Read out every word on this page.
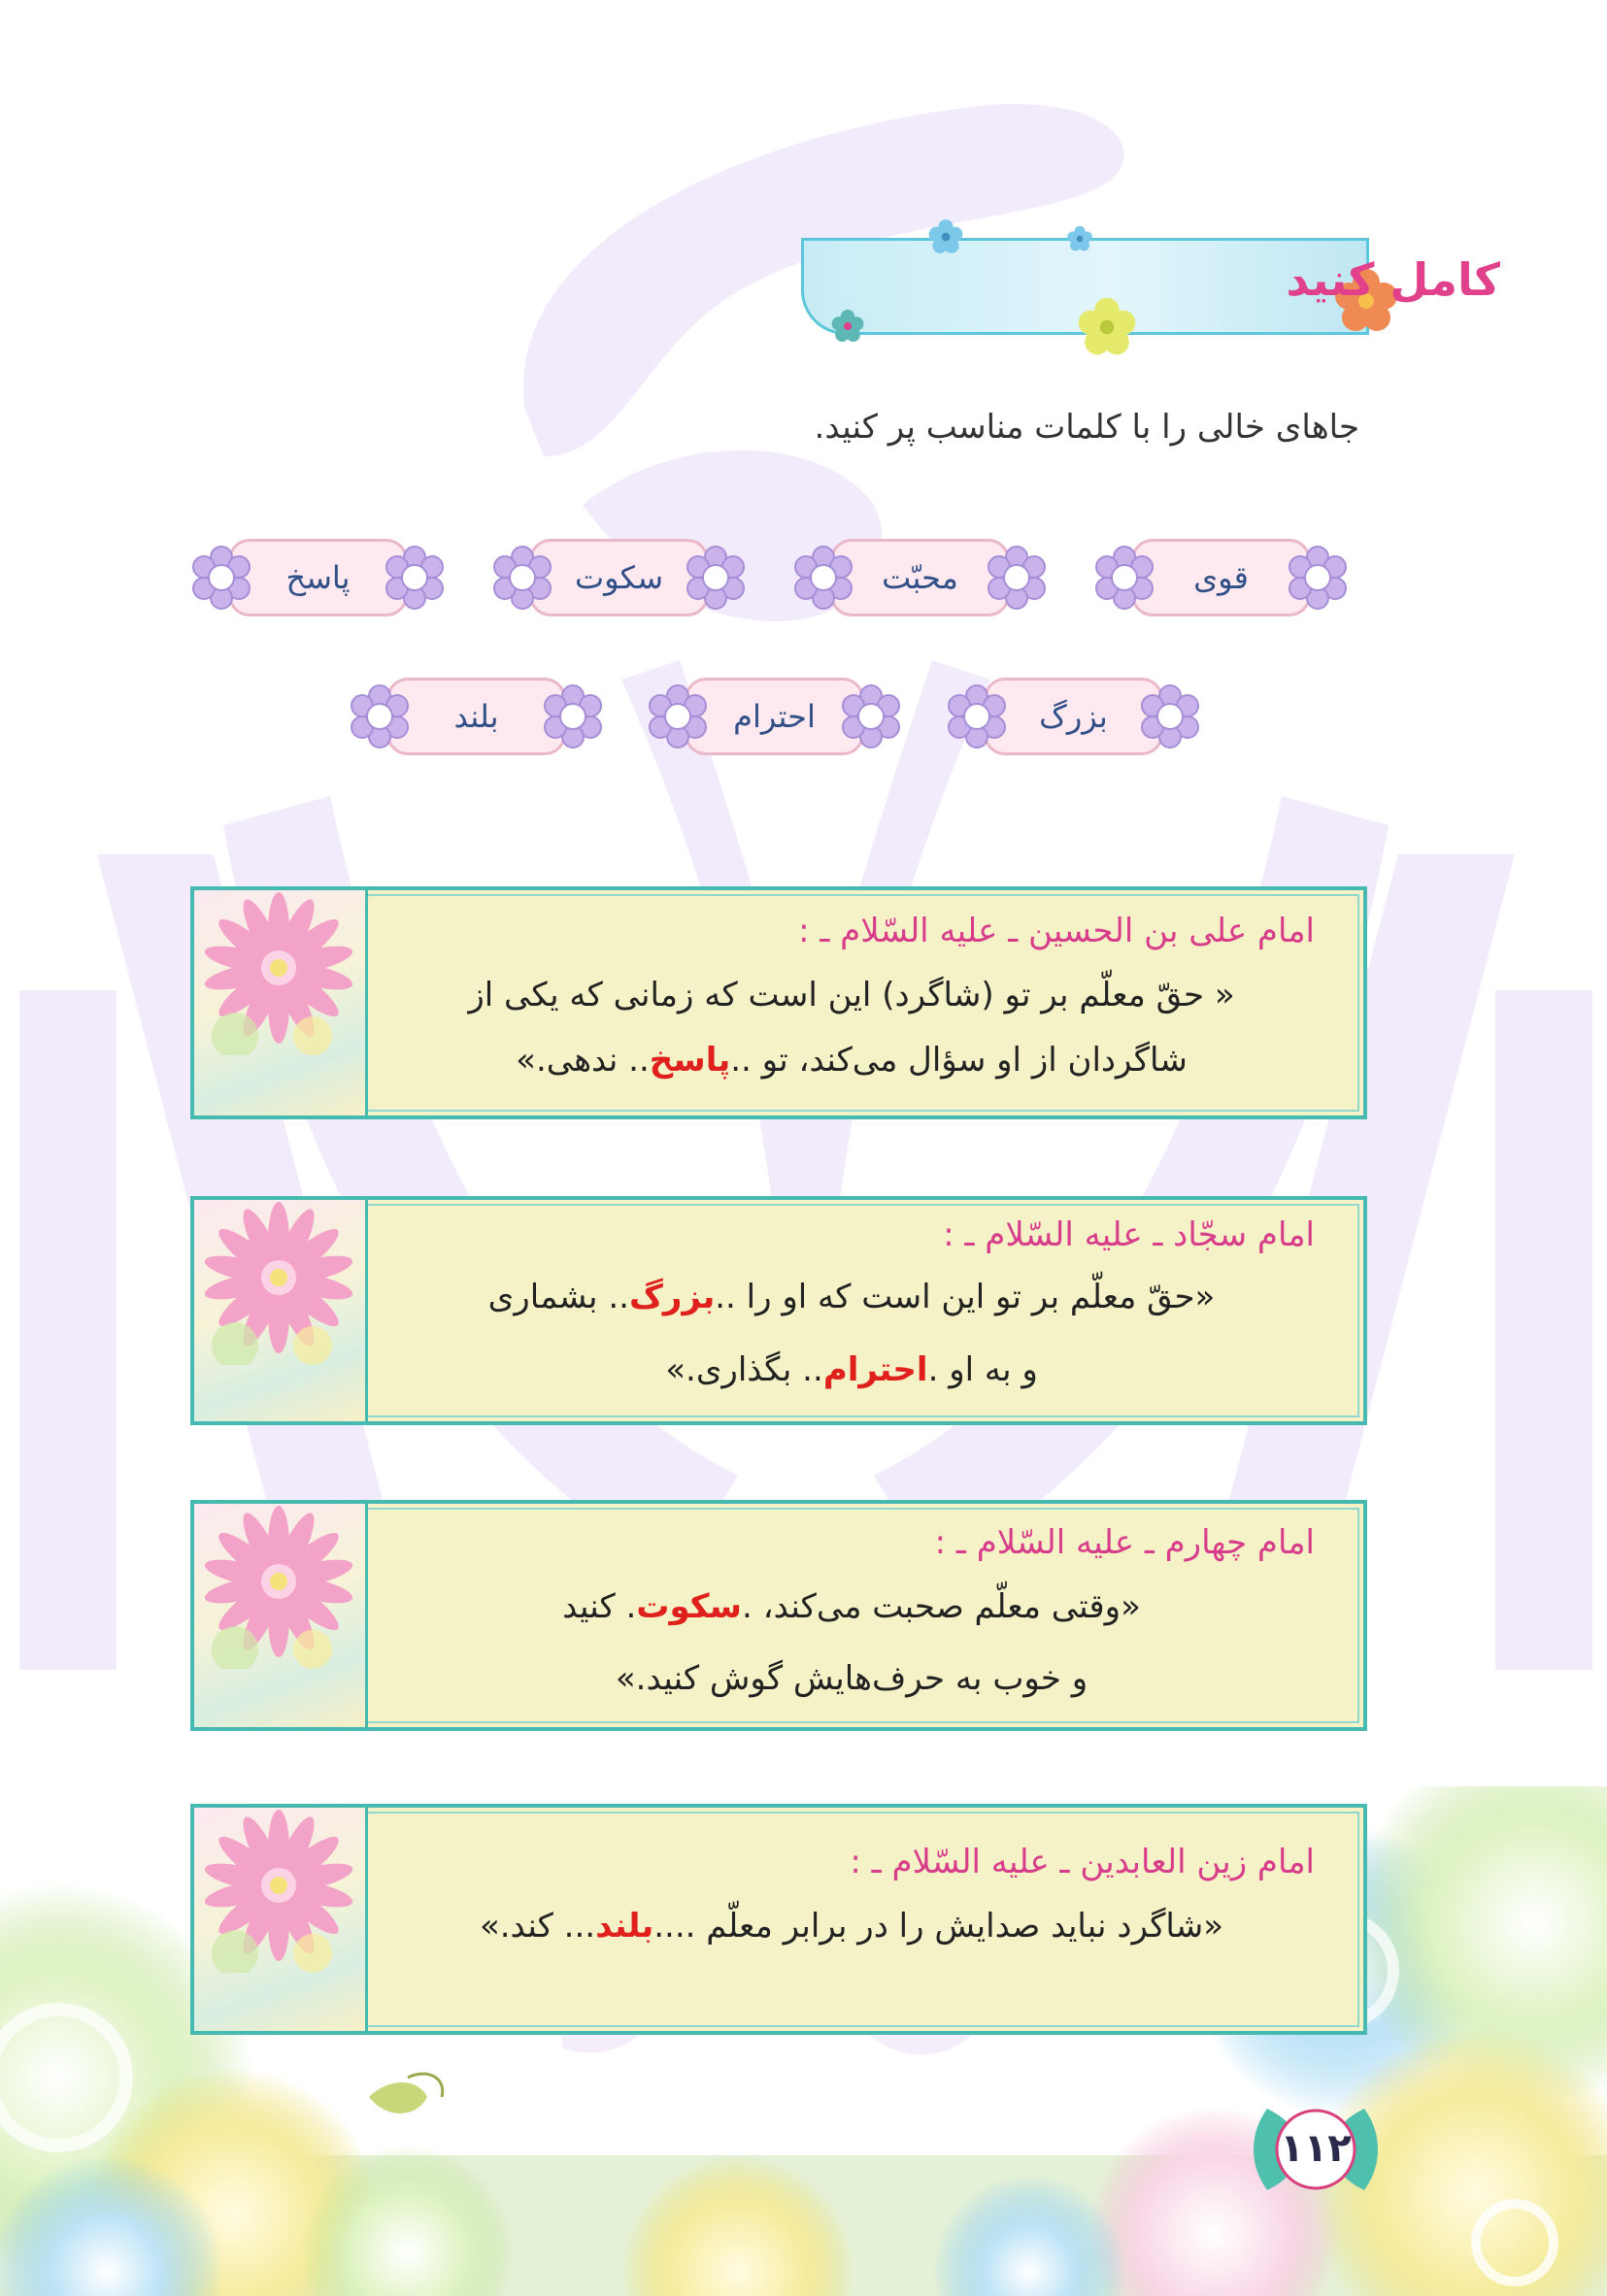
کامل کنید
جاهای خالی را با کلمات مناسب پر کنید.
قوی
محبّت
سکوت
پاسخ
بزرگ
احترام
بلند
امام علی بن الحسین ـ علیه السّلام ـ :
« حقّ معلّم بر تو (شاگرد) این است که زمانی که یکی از
شاگردان از او سؤال می‌کند، تو ..پاسخ.. ندهی.»
امام سجّاد ـ علیه السّلام ـ :
«حقّ معلّم بر تو این است که او را ..بزرگ.. بشماری
و به او .احترام.. بگذاری.»
امام چهارم ـ علیه السّلام ـ :
«وقتی معلّم صحبت می‌کند، .سکوت. کنید
و خوب به حرف‌هایش گوش کنید.»
امام زین العابدین ـ علیه السّلام ـ :
«شاگرد نباید صدایش را در برابر معلّم ....بلند... کند.»
۱۱۲
